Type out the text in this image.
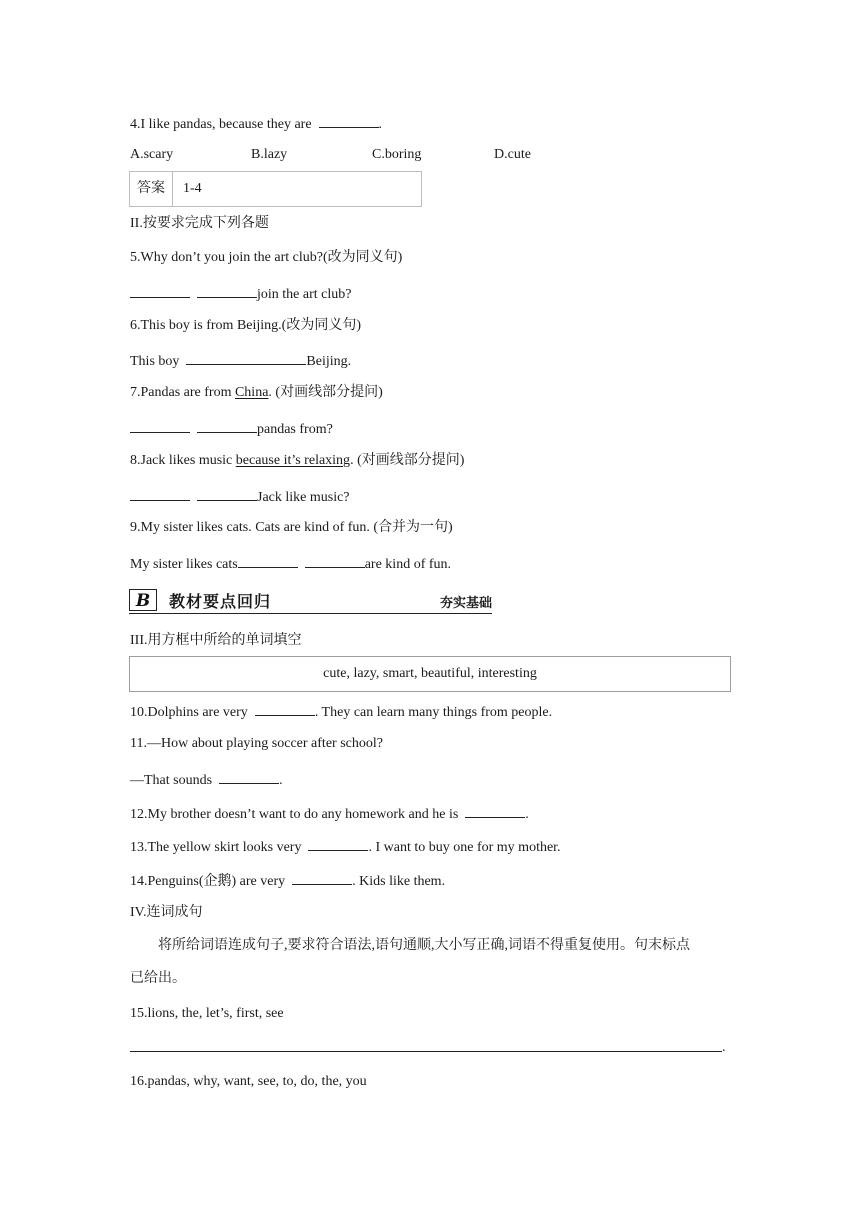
4.I like pandas, because they are	.
A.scary	B.lazy	C.boring	D.cute
答案	1-4
II.按要求完成下列各题
5.Why don’t you join the art club?(改为同义句)
join the art club?
6.This boy is from Beijing.(改为同义句)
This boy	Beijing.
7.Pandas are from China. (对画线部分提问)
pandas from?
8.Jack likes music because it’s relaxing. (对画线部分提问)
Jack like music?
9.My sister likes cats. Cats are kind of fun. (合并为一句)
My sister likes cats	are kind of fun.
B 教材要点回归	夯实基础
III.用方框中所给的单词填空
cute, lazy, smart, beautiful, interesting
10.Dolphins are very	. They can learn many things from people.
11.—How about playing soccer after school?
—That sounds	.
12.My brother doesn’t want to do any homework and he is	.
13.The yellow skirt looks very	. I want to buy one for my mother.
14.Penguins(企鹅) are very	. Kids like them.
IV.连词成句
将所给词语连成句子,要求符合语法,语句通顺,大小写正确,词语不得重复使用。句末标点
已给出。
15.lions, the, let’s, first, see
.
16.pandas, why, want, see, to, do, the, you
